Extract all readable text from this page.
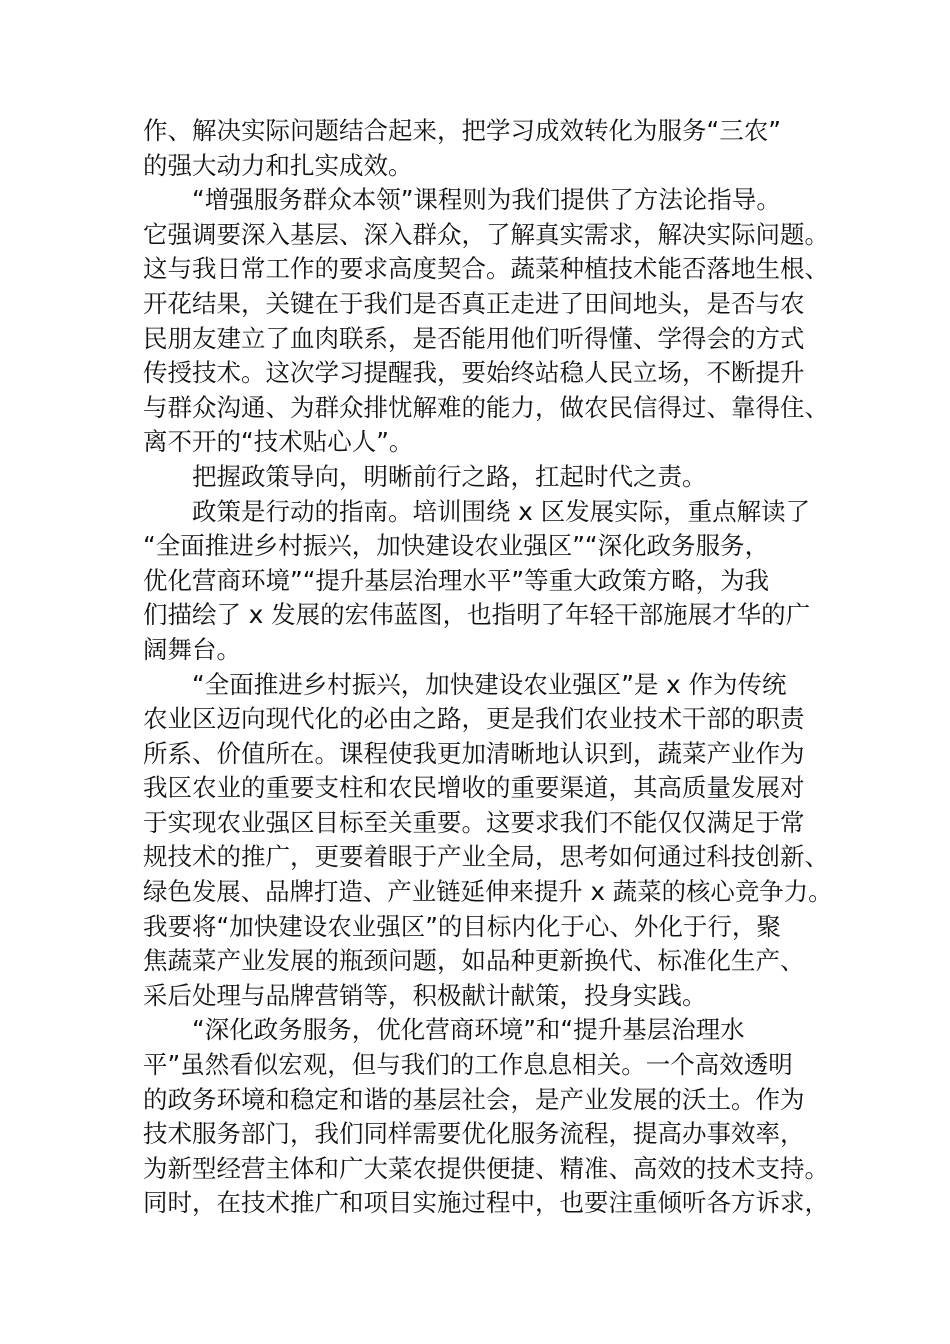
作、解决实际问题结合起来，把学习成效转化为服务“三农”
的强大动力和扎实成效。
“增强服务群众本领”课程则为我们提供了方法论指导。
它强调要深入基层、深入群众，了解真实需求，解决实际问题。
这与我日常工作的要求高度契合。蔬菜种植技术能否落地生根、
开花结果，关键在于我们是否真正走进了田间地头，是否与农
民朋友建立了血肉联系，是否能用他们听得懂、学得会的方式
传授技术。这次学习提醒我，要始终站稳人民立场，不断提升
与群众沟通、为群众排忧解难的能力，做农民信得过、靠得住、
离不开的“技术贴心人”。
把握政策导向，明晰前行之路，扛起时代之责。
政策是行动的指南。培训围绕 x 区发展实际，重点解读了
“全面推进乡村振兴，加快建设农业强区”“深化政务服务，
优化营商环境”“提升基层治理水平”等重大政策方略，为我
们描绘了 x 发展的宏伟蓝图，也指明了年轻干部施展才华的广
阔舞台。
“全面推进乡村振兴，加快建设农业强区”是 x 作为传统
农业区迈向现代化的必由之路，更是我们农业技术干部的职责
所系、价值所在。课程使我更加清晰地认识到，蔬菜产业作为
我区农业的重要支柱和农民增收的重要渠道，其高质量发展对
于实现农业强区目标至关重要。这要求我们不能仅仅满足于常
规技术的推广，更要着眼于产业全局，思考如何通过科技创新、
绿色发展、品牌打造、产业链延伸来提升 x 蔬菜的核心竞争力。
我要将“加快建设农业强区”的目标内化于心、外化于行，聚
焦蔬菜产业发展的瓶颈问题，如品种更新换代、标准化生产、
采后处理与品牌营销等，积极献计献策，投身实践。
“深化政务服务，优化营商环境”和“提升基层治理水
平”虽然看似宏观，但与我们的工作息息相关。一个高效透明
的政务环境和稳定和谐的基层社会，是产业发展的沃土。作为
技术服务部门，我们同样需要优化服务流程，提高办事效率，
为新型经营主体和广大菜农提供便捷、精准、高效的技术支持。
同时，在技术推广和项目实施过程中，也要注重倾听各方诉求，
